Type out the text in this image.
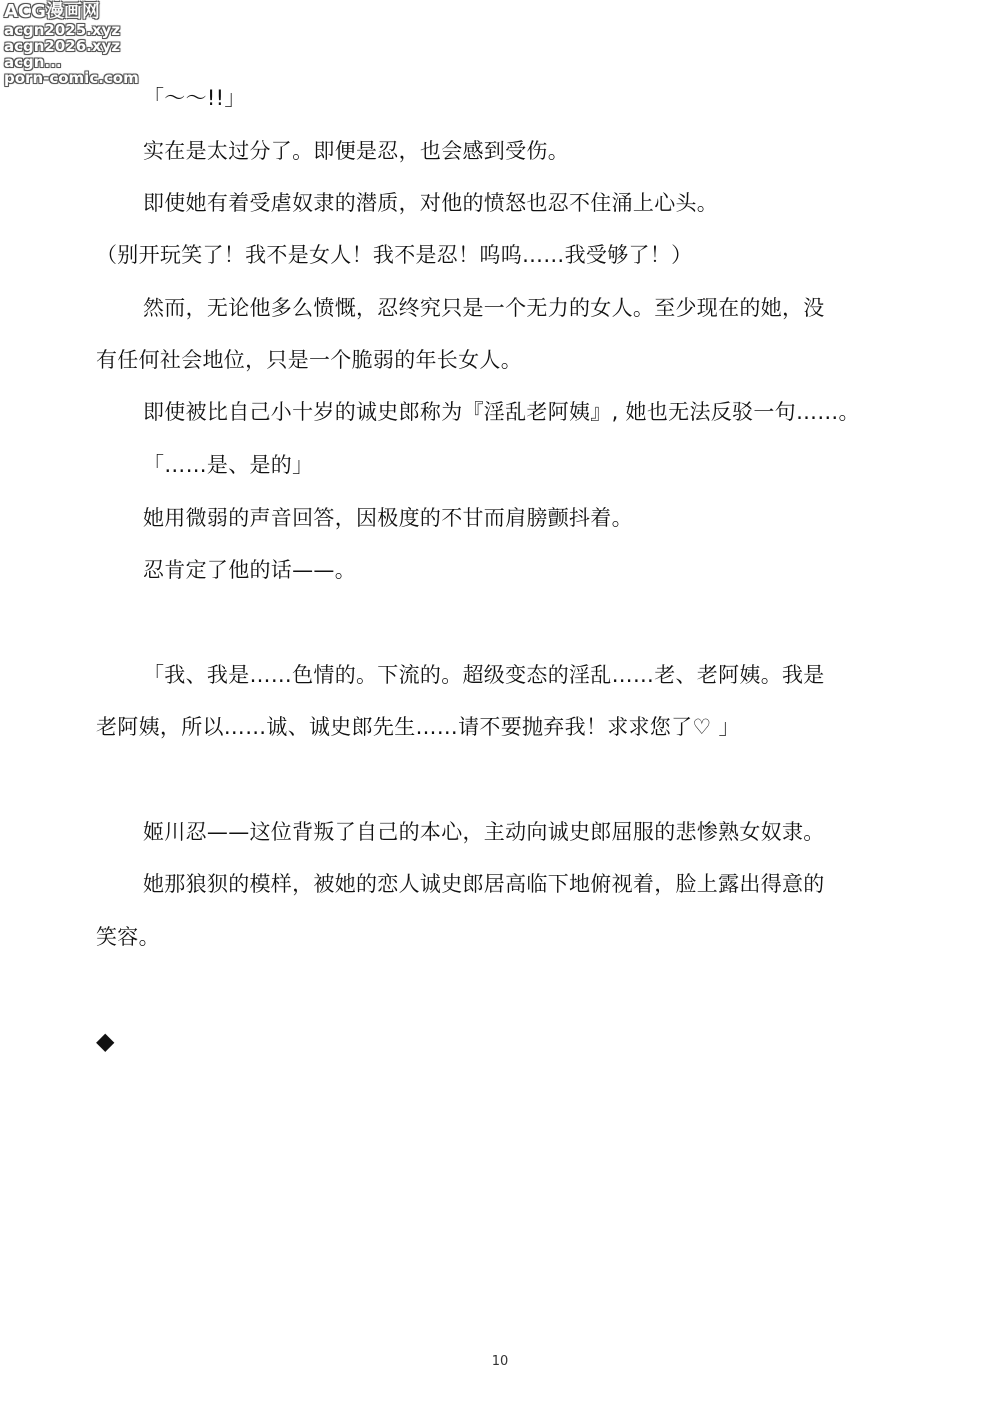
ACG漫画网
acgn2025.xyz
acgn2026.xyz
acgn...
porn-comic.com
「～～!!」
实在是太过分了。即便是忍，也会感到受伤。
即使她有着受虐奴隶的潜质，对他的愤怒也忍不住涌上心头。
（别开玩笑了！我不是女人！我不是忍！呜呜……我受够了！）
然而，无论他多么愤慨，忍终究只是一个无力的女人。至少现在的她，没
有任何社会地位，只是一个脆弱的年长女人。
即使被比自己小十岁的诚史郎称为『淫乱老阿姨』, 她也无法反驳一句……。
「……是、是的」
她用微弱的声音回答，因极度的不甘而肩膀颤抖着。
忍肯定了他的话——。
「我、我是……色情的。下流的。超级变态的淫乱……老、老阿姨。我是
老阿姨，所以……诚、诚史郎先生……请不要抛弃我！求求您了♡ 」
姬川忍——这位背叛了自己的本心，主动向诚史郎屈服的悲惨熟女奴隶。
她那狼狈的模样，被她的恋人诚史郎居高临下地俯视着，脸上露出得意的
笑容。
◆
10
